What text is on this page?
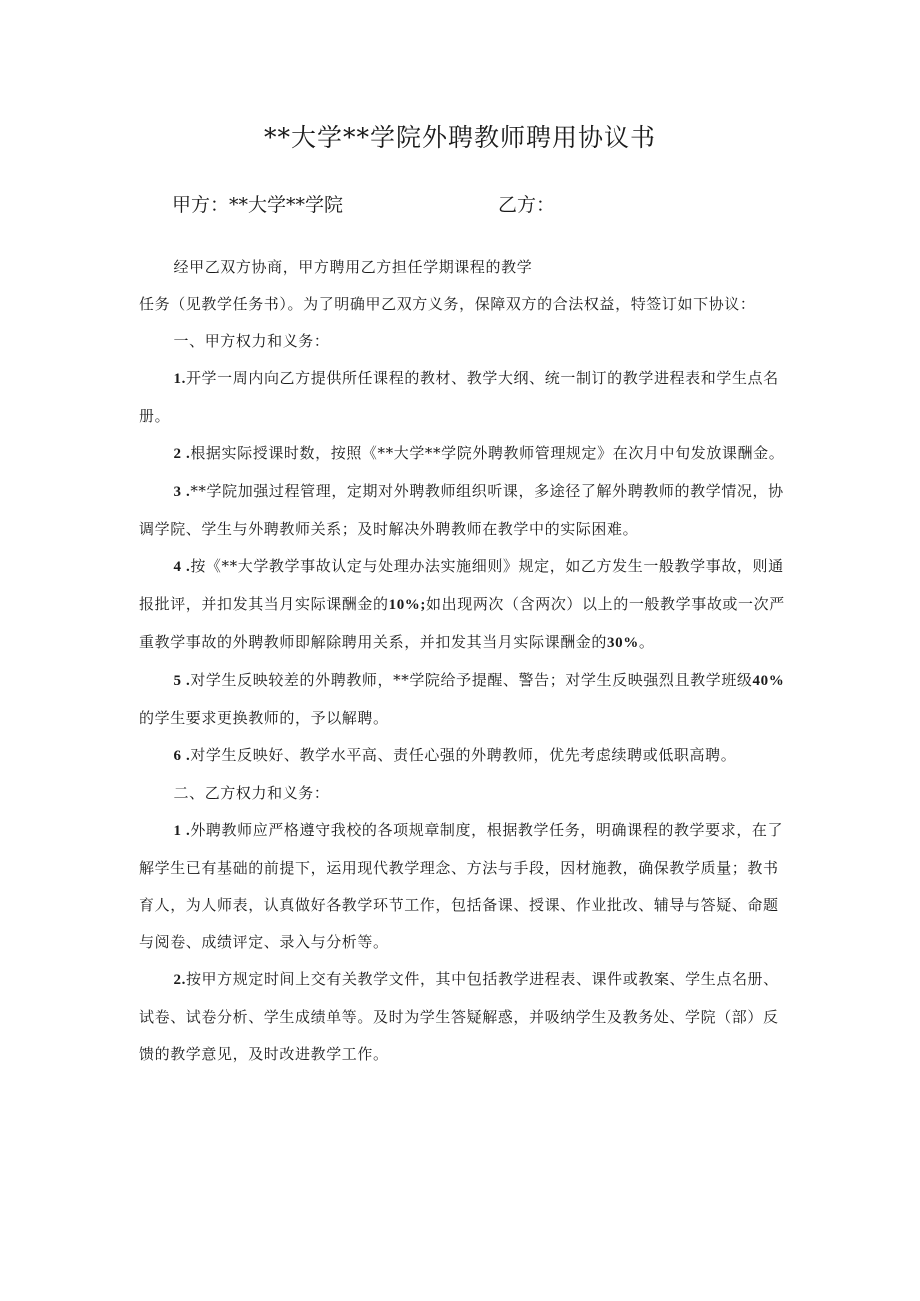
**大学**学院外聘教师聘用协议书
甲方：**大学**学院	乙方：

经甲乙双方协商，甲方聘用乙方担任学期课程的教学

任务（见教学任务书）。为了明确甲乙双方义务，保障双方的合法权益，特签订如下协议：

一、甲方权力和义务：

1.开学一周内向乙方提供所任课程的教材、教学大纲、统一制订的教学进程表和学生点名册。

2 .根据实际授课时数，按照《**大学**学院外聘教师管理规定》在次月中旬发放课酬金。

3 .**学院加强过程管理，定期对外聘教师组织听课，多途径了解外聘教师的教学情况，协调学院、学生与外聘教师关系；及时解决外聘教师在教学中的实际困难。

4 .按《**大学教学事故认定与处理办法实施细则》规定，如乙方发生一般教学事故，则通报批评，并扣发其当月实际课酬金的10%;如出现两次（含两次）以上的一般教学事故或一次严重教学事故的外聘教师即解除聘用关系，并扣发其当月实际课酬金的30%。

5 .对学生反映较差的外聘教师，**学院给予提醒、警告；对学生反映强烈且教学班级40%的学生要求更换教师的，予以解聘。

6 .对学生反映好、教学水平高、责任心强的外聘教师，优先考虑续聘或低职高聘。

二、乙方权力和义务：

1 .外聘教师应严格遵守我校的各项规章制度，根据教学任务，明确课程的教学要求，在了解学生已有基础的前提下，运用现代教学理念、方法与手段，因材施教，确保教学质量；教书育人，为人师表，认真做好各教学环节工作，包括备课、授课、作业批改、辅导与答疑、命题与阅卷、成绩评定、录入与分析等。

2.按甲方规定时间上交有关教学文件，其中包括教学进程表、课件或教案、学生点名册、试卷、试卷分析、学生成绩单等。及时为学生答疑解惑，并吸纳学生及教务处、学院（部）反馈的教学意见，及时改进教学工作。
